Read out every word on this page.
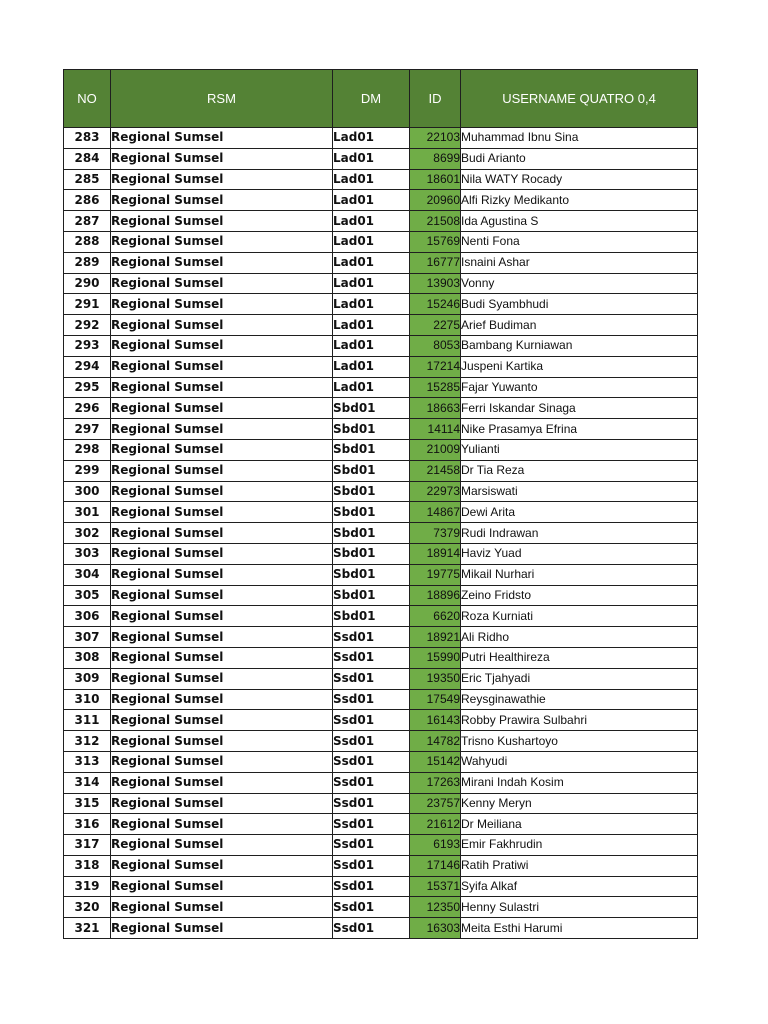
NO	RSM	DM	ID	USERNAME QUATRO 0,4
283	Regional Sumsel	Lad01	22103	Muhammad Ibnu Sina
284	Regional Sumsel	Lad01	8699	Budi Arianto
285	Regional Sumsel	Lad01	18601	Nila WATY Rocady
286	Regional Sumsel	Lad01	20960	Alfi Rizky Medikanto
287	Regional Sumsel	Lad01	21508	Ida Agustina S
288	Regional Sumsel	Lad01	15769	Nenti Fona
289	Regional Sumsel	Lad01	16777	Isnaini Ashar
290	Regional Sumsel	Lad01	13903	Vonny
291	Regional Sumsel	Lad01	15246	Budi Syambhudi
292	Regional Sumsel	Lad01	2275	Arief Budiman
293	Regional Sumsel	Lad01	8053	Bambang Kurniawan
294	Regional Sumsel	Lad01	17214	Juspeni Kartika
295	Regional Sumsel	Lad01	15285	Fajar Yuwanto
296	Regional Sumsel	Sbd01	18663	Ferri Iskandar Sinaga
297	Regional Sumsel	Sbd01	14114	Nike Prasamya Efrina
298	Regional Sumsel	Sbd01	21009	Yulianti
299	Regional Sumsel	Sbd01	21458	Dr Tia Reza
300	Regional Sumsel	Sbd01	22973	Marsiswati
301	Regional Sumsel	Sbd01	14867	Dewi Arita
302	Regional Sumsel	Sbd01	7379	Rudi Indrawan
303	Regional Sumsel	Sbd01	18914	Haviz Yuad
304	Regional Sumsel	Sbd01	19775	Mikail Nurhari
305	Regional Sumsel	Sbd01	18896	Zeino Fridsto
306	Regional Sumsel	Sbd01	6620	Roza Kurniati
307	Regional Sumsel	Ssd01	18921	Ali Ridho
308	Regional Sumsel	Ssd01	15990	Putri Healthireza
309	Regional Sumsel	Ssd01	19350	Eric Tjahyadi
310	Regional Sumsel	Ssd01	17549	Reysginawathie
311	Regional Sumsel	Ssd01	16143	Robby Prawira Sulbahri
312	Regional Sumsel	Ssd01	14782	Trisno Kushartoyo
313	Regional Sumsel	Ssd01	15142	Wahyudi
314	Regional Sumsel	Ssd01	17263	Mirani Indah Kosim
315	Regional Sumsel	Ssd01	23757	Kenny Meryn
316	Regional Sumsel	Ssd01	21612	Dr Meiliana
317	Regional Sumsel	Ssd01	6193	Emir Fakhrudin
318	Regional Sumsel	Ssd01	17146	Ratih Pratiwi
319	Regional Sumsel	Ssd01	15371	Syifa Alkaf
320	Regional Sumsel	Ssd01	12350	Henny Sulastri
321	Regional Sumsel	Ssd01	16303	Meita Esthi Harumi
